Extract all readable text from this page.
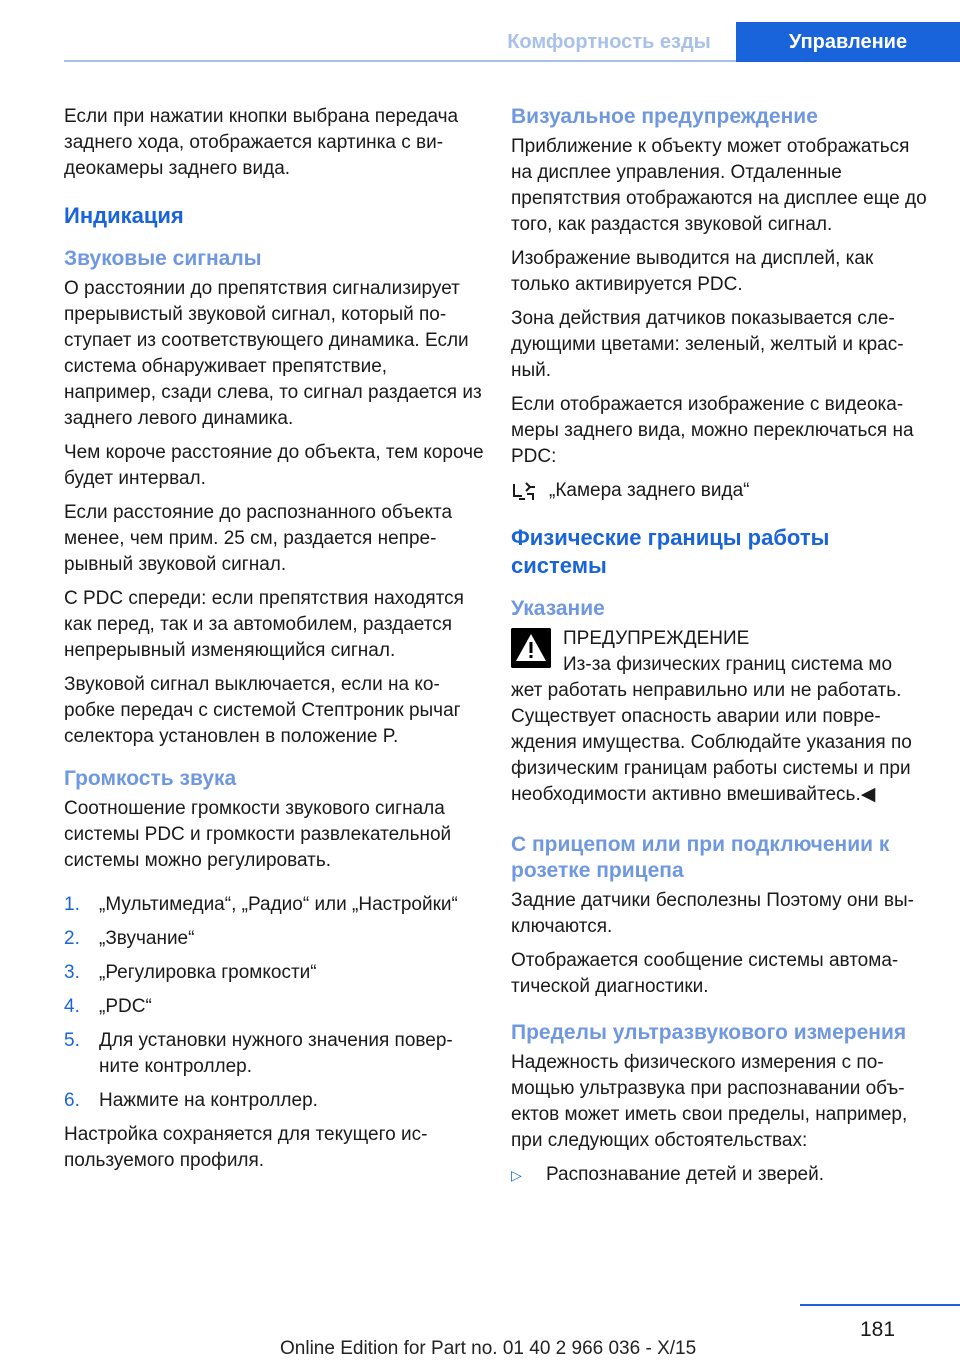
Комфортность езды	Управление

Если при нажатии кнопки выбрана передача заднего хода, отображается картинка с видеокамеры заднего вида.

Индикация
Звуковые сигналы

О расстоянии до препятствия сигнализирует прерывистый звуковой сигнал, который поступает из соответствующего динамика. Если система обнаруживает препятствие, например, сзади слева, то сигнал раздается из заднего левого динамика.

Чем короче расстояние до объекта, тем короче будет интервал.

Если расстояние до распознанного объекта менее, чем прим. 25 см, раздается непрерывный звуковой сигнал.

С PDC спереди: если препятствия находятся как перед, так и за автомобилем, раздается непрерывный изменяющийся сигнал.

Звуковой сигнал выключается, если на коробке передач с системой Стептроник рычаг селектора установлен в положение P.

Громкость звука

Соотношение громкости звукового сигнала системы PDC и громкости развлекательной системы можно регулировать.

1. „Мультимедиа“, „Радио“ или „Настройки“
2. „Звучание“
3. „Регулировка громкости“
4. „PDC“
5. Для установки нужного значения поверните контроллер.
6. Нажмите на контроллер.

Настройка сохраняется для текущего используемого профиля.

Визуальное предупреждение

Приближение к объекту может отображаться на дисплее управления. Отдаленные препятствия отображаются на дисплее еще до того, как раздастся звуковой сигнал.

Изображение выводится на дисплей, как только активируется PDC.

Зона действия датчиков показывается следующими цветами: зеленый, желтый и красный.

Если отображается изображение с видеокамеры заднего вида, можно переключаться на PDC:

„Камера заднего вида“
Физические границы работы системы
Указание
ПРЕДУПРЕЖДЕНИЕ
Из-за физических границ система мо
жет работать неправильно или не работать. Существует опасность аварии или повреждения имущества. Соблюдайте указания по физическим границам работы системы и при необходимости активно вмешивайтесь.◀
С прицепом или при подключении к розетке прицепа

Задние датчики бесполезны Поэтому они выключаются.

Отображается сообщение системы автоматической диагностики.

Пределы ультразвукового измерения

Надежность физического измерения с помощью ультразвука при распознавании объектов может иметь свои пределы, например, при следующих обстоятельствах:

▷ Распознавание детей и зверей.
181
Online Edition for Part no. 01 40 2 966 036 - X/15
